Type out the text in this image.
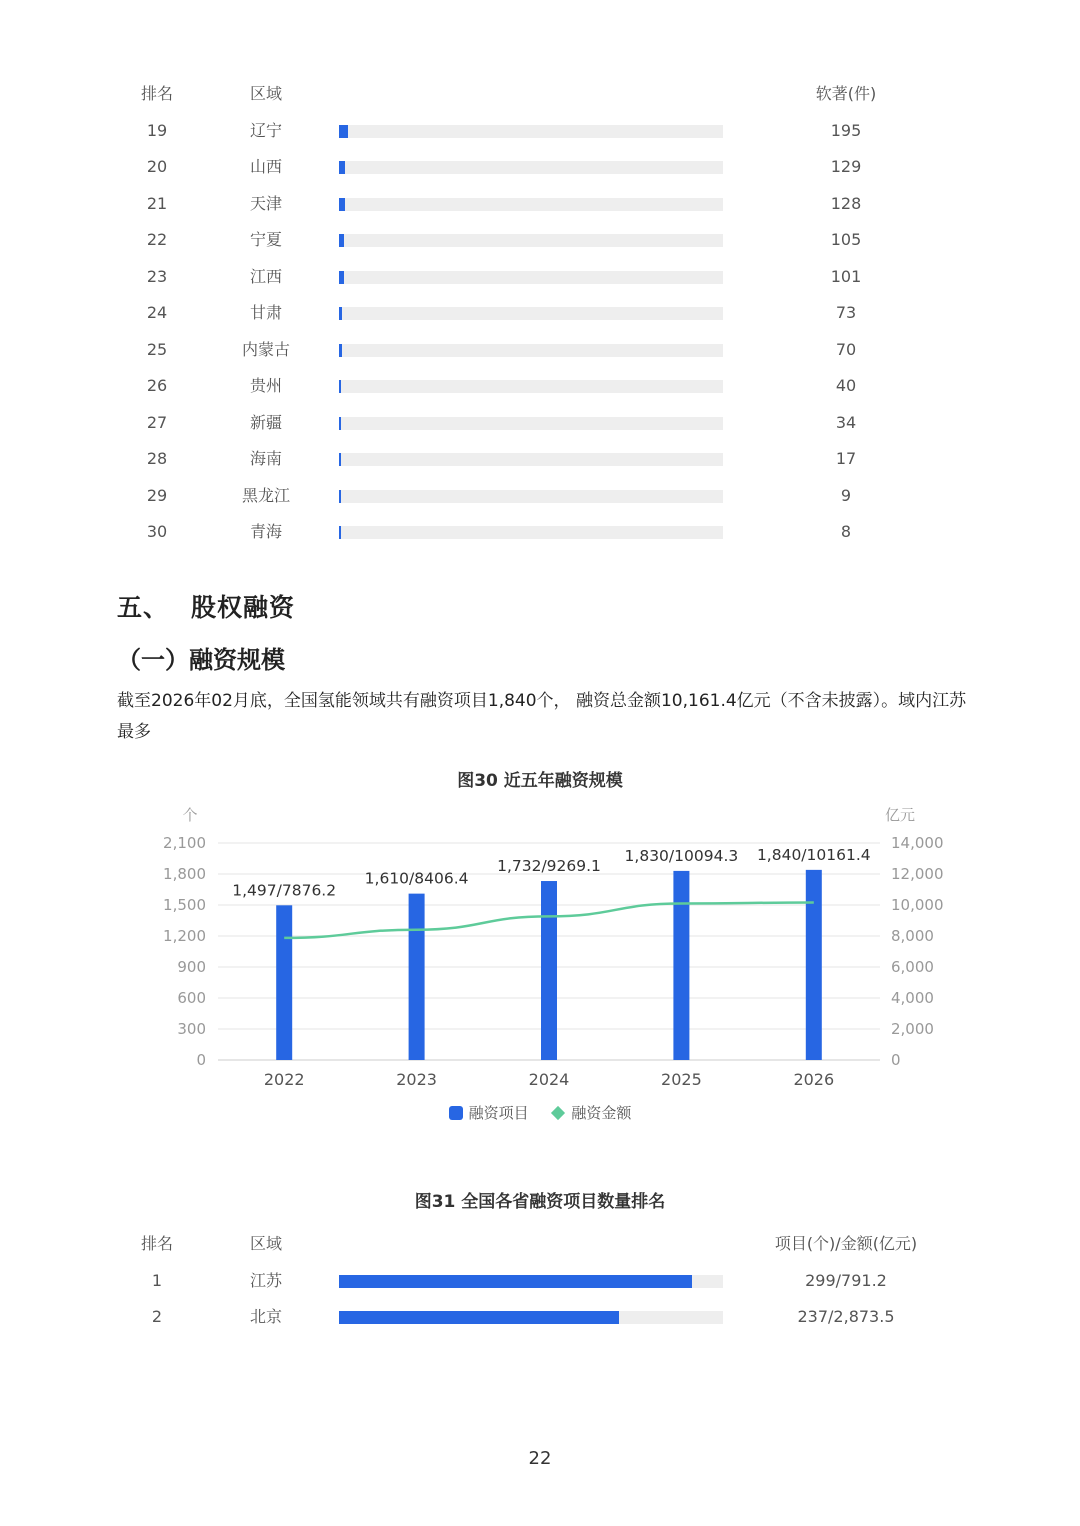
排名	区域	软著(件)
19	辽宁	195
20	山西	129
21	天津	128
22	宁夏	105
23	江西	101
24	甘肃	73
25	内蒙古	70
26	贵州	40
27	新疆	34
28	海南	17
29	黑龙江	9
30	青海	8
五、 股权融资
（一）融资规模

截至2026年02月底，全国氢能领域共有融资项目1,840个， 融资总金额10,161.4亿元（不含未披露）。域内江苏最多

图30 近五年融资规模
0	0
300	2,000
600	4,000
900	6,000
1,200	8,000
1,500	10,000
1,800	12,000
2,100	14,000
个	亿元
1,497/7876.2
1,610/8406.4
1,732/9269.1
1,830/10094.3 1,840/10161.4
2022	2023	2024	2025	2026
融资项目	融资金额
图31 全国各省融资项目数量排名
排名	区域	项目(个)/金额(亿元)
1	江苏	299/791.2
2	北京	237/2,873.5
22
